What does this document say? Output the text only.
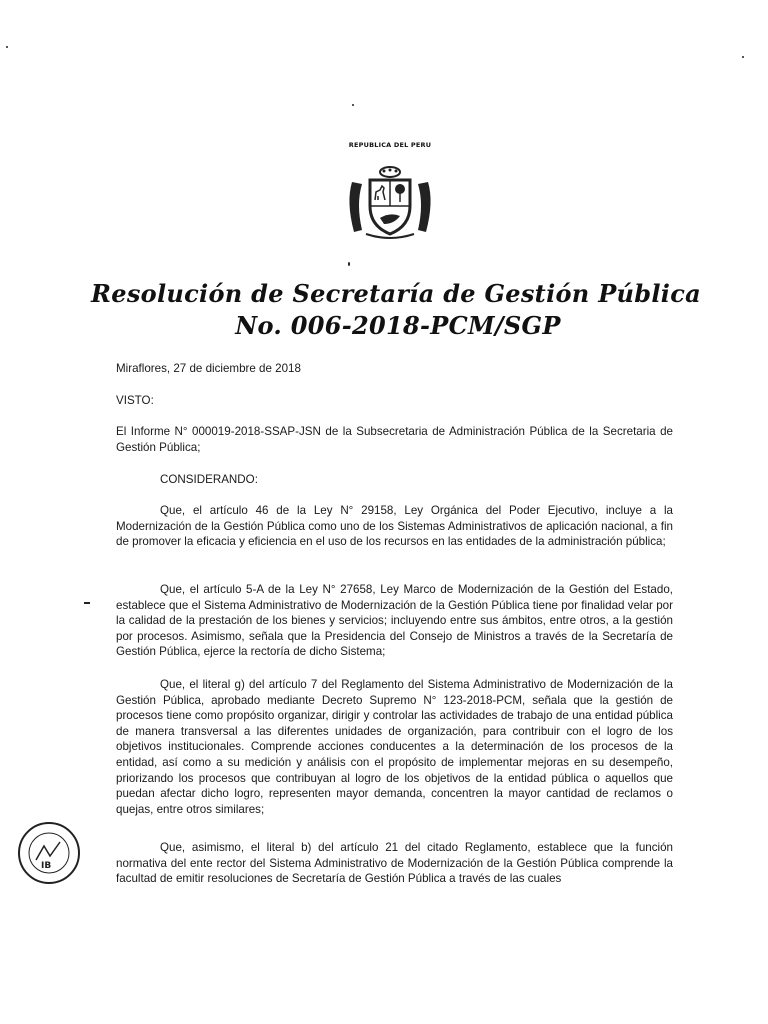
REPUBLICA DEL PERU
Resolución de Secretaría de Gestión Pública
No. 006-2018-PCM/SGP
Miraflores, 27 de diciembre de 2018
VISTO:
El Informe N° 000019-2018-SSAP-JSN de la Subsecretaria de Administración Pública de la Secretaria de Gestión Pública;
CONSIDERANDO:
Que, el artículo 46 de la Ley N° 29158, Ley Orgánica del Poder Ejecutivo, incluye a la Modernización de la Gestión Pública como uno de los Sistemas Administrativos de aplicación nacional, a fin de promover la eficacia y eficiencia en el uso de los recursos en las entidades de la administración pública;
Que, el artículo 5-A de la Ley N° 27658, Ley Marco de Modernización de la Gestión del Estado, establece que el Sistema Administrativo de Modernización de la Gestión Pública tiene por finalidad velar por la calidad de la prestación de los bienes y servicios; incluyendo entre sus ámbitos, entre otros, a la gestión por procesos. Asimismo, señala que la Presidencia del Consejo de Ministros a través de la Secretaría de Gestión Pública, ejerce la rectoría de dicho Sistema;
Que, el literal g) del artículo 7 del Reglamento del Sistema Administrativo de Modernización de la Gestión Pública, aprobado mediante Decreto Supremo N° 123-2018-PCM, señala que la gestión de procesos tiene como propósito organizar, dirigir y controlar las actividades de trabajo de una entidad pública de manera transversal a las diferentes unidades de organización, para contribuir con el logro de los objetivos institucionales. Comprende acciones conducentes a la determinación de los procesos de la entidad, así como a su medición y análisis con el propósito de implementar mejoras en su desempeño, priorizando los procesos que contribuyan al logro de los objetivos de la entidad pública o aquellos que puedan afectar dicho logro, representen mayor demanda, concentren la mayor cantidad de reclamos o quejas, entre otros similares;
Que, asimismo, el literal b) del artículo 21 del citado Reglamento, establece que la función normativa del ente rector del Sistema Administrativo de Modernización de la Gestión Pública comprende la facultad de emitir resoluciones de Secretaría de Gestión Pública a través de las cuales
IB
